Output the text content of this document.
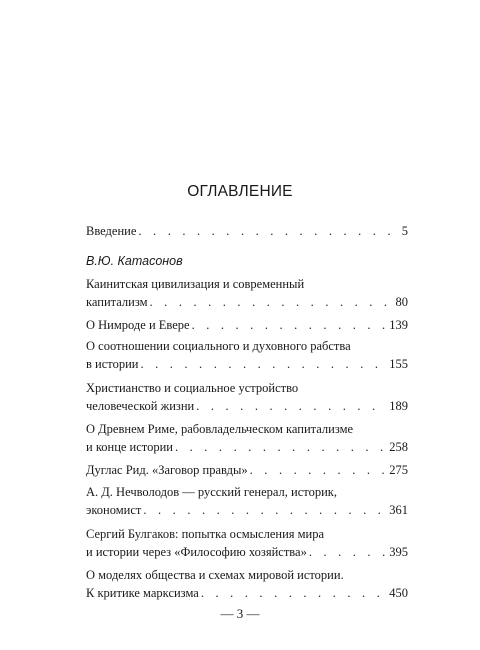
ОГЛАВЛЕНИЕ
Введение . . .	5
В.Ю. Катасонов
Каинитская цивилизация и современный
капитализм . . .	80
О Нимроде и Евере . . .	139
О соотношении социального и духовного рабства
в истории . . .	155
Христианство и социальное устройство
человеческой жизни . . .	189
О Древнем Риме, рабовладельческом капитализме
и конце истории . . .	258
Дуглас Рид. «Заговор правды» . . .	275
А. Д. Нечволодов — русский генерал, историк,
экономист . . .	361
Сергий Булгаков: попытка осмысления мира
и истории через «Философию хозяйства» . . .	395
О моделях общества и схемах мировой истории.
К критике марксизма . . .	450
— 3 —
